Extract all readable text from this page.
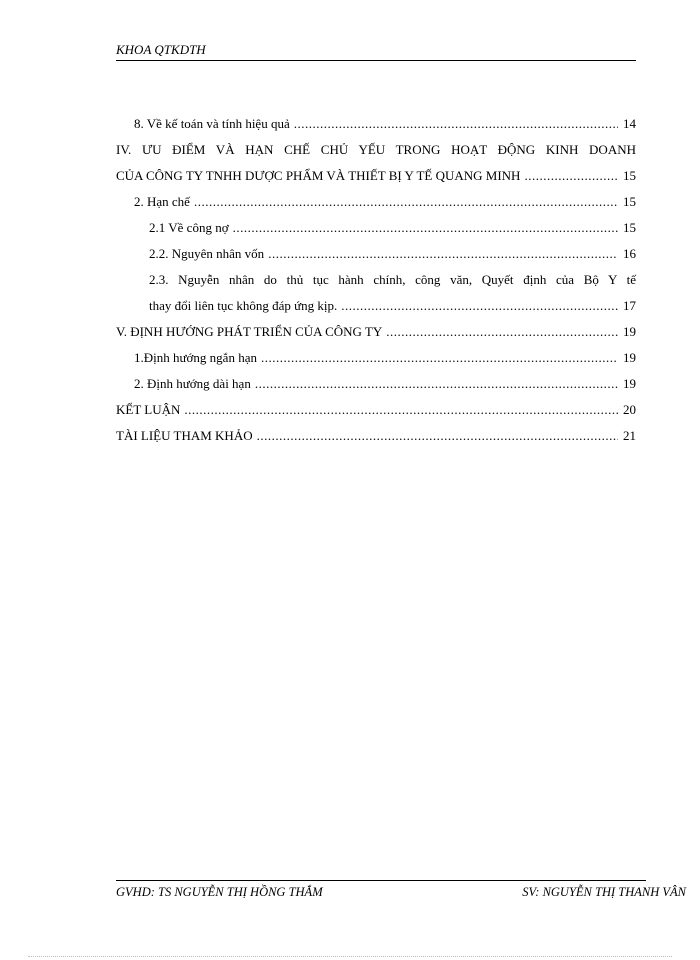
KHOA QTKDTH
8. Về kế toán và tính hiệu quả .....	14
IV. ƯU ĐIỂM VÀ HẠN CHẾ CHỦ YẾU TRONG HOẠT ĐỘNG KINH DOANH
CỦA CÔNG TY TNHH DƯỢC PHẨM VÀ THIẾT BỊ Y TẾ QUANG MINH .....	15
2. Hạn chế .....	15
2.1 Về công nợ .....	15
2.2. Nguyên nhân vốn .....	16
2.3. Nguyễn nhân do thủ tục hành chính, công văn, Quyết định của Bộ Y tế
thay đổi liên tục không đáp ứng kịp. .....	17
V. ĐỊNH HƯỚNG PHÁT TRIỂN CỦA CÔNG TY .....	19
1.Định hướng ngắn hạn .....	19
2. Định hướng dài hạn .....	19
KẾT LUẬN .....	20
TÀI LIỆU THAM KHẢO .....	21
GVHD: TS NGUYỄN THỊ HỒNG THẮM	SV: NGUYỄN THỊ THANH VÂN
